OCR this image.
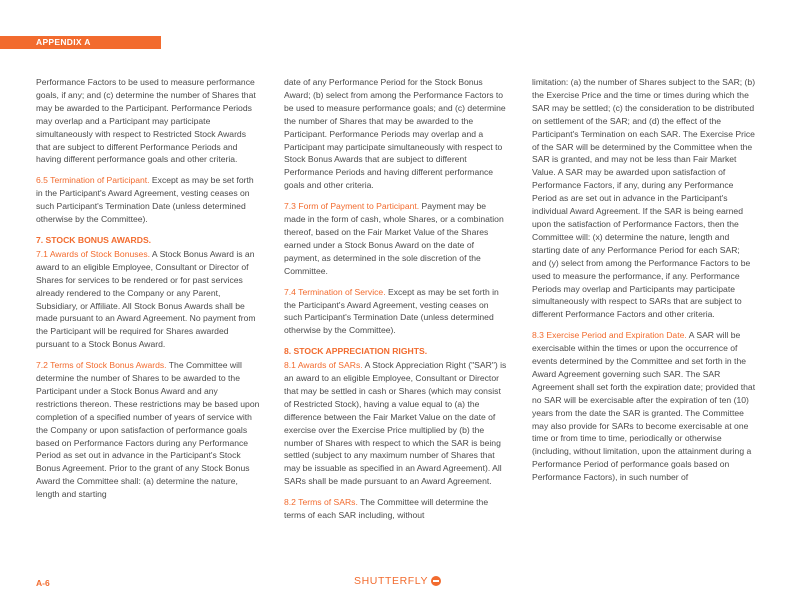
APPENDIX A

Performance Factors to be used to measure performance goals, if any; and (c) determine the number of Shares that may be awarded to the Participant. Performance Periods may overlap and a Participant may participate simultaneously with respect to Restricted Stock Awards that are subject to different Performance Periods and having different performance goals and other criteria.

6.5 Termination of Participant. Except as may be set forth in the Participant's Award Agreement, vesting ceases on such Participant's Termination Date (unless determined otherwise by the Committee).

7. STOCK BONUS AWARDS.

7.1 Awards of Stock Bonuses. A Stock Bonus Award is an award to an eligible Employee, Consultant or Director of Shares for services to be rendered or for past services already rendered to the Company or any Parent, Subsidiary, or Affiliate. All Stock Bonus Awards shall be made pursuant to an Award Agreement. No payment from the Participant will be required for Shares awarded pursuant to a Stock Bonus Award.

7.2 Terms of Stock Bonus Awards. The Committee will determine the number of Shares to be awarded to the Participant under a Stock Bonus Award and any restrictions thereon. These restrictions may be based upon completion of a specified number of years of service with the Company or upon satisfaction of performance goals based on Performance Factors during any Performance Period as set out in advance in the Participant's Stock Bonus Agreement. Prior to the grant of any Stock Bonus Award the Committee shall: (a) determine the nature, length and starting

date of any Performance Period for the Stock Bonus Award; (b) select from among the Performance Factors to be used to measure performance goals; and (c) determine the number of Shares that may be awarded to the Participant. Performance Periods may overlap and a Participant may participate simultaneously with respect to Stock Bonus Awards that are subject to different Performance Periods and having different performance goals and other criteria.

7.3 Form of Payment to Participant. Payment may be made in the form of cash, whole Shares, or a combination thereof, based on the Fair Market Value of the Shares earned under a Stock Bonus Award on the date of payment, as determined in the sole discretion of the Committee.

7.4 Termination of Service. Except as may be set forth in the Participant's Award Agreement, vesting ceases on such Participant's Termination Date (unless determined otherwise by the Committee).

8. STOCK APPRECIATION RIGHTS.

8.1 Awards of SARs. A Stock Appreciation Right ("SAR") is an award to an eligible Employee, Consultant or Director that may be settled in cash or Shares (which may consist of Restricted Stock), having a value equal to (a) the difference between the Fair Market Value on the date of exercise over the Exercise Price multiplied by (b) the number of Shares with respect to which the SAR is being settled (subject to any maximum number of Shares that may be issuable as specified in an Award Agreement). All SARs shall be made pursuant to an Award Agreement.

8.2 Terms of SARs. The Committee will determine the terms of each SAR including, without

limitation: (a) the number of Shares subject to the SAR; (b) the Exercise Price and the time or times during which the SAR may be settled; (c) the consideration to be distributed on settlement of the SAR; and (d) the effect of the Participant's Termination on each SAR. The Exercise Price of the SAR will be determined by the Committee when the SAR is granted, and may not be less than Fair Market Value. A SAR may be awarded upon satisfaction of Performance Factors, if any, during any Performance Period as are set out in advance in the Participant's individual Award Agreement. If the SAR is being earned upon the satisfaction of Performance Factors, then the Committee will: (x) determine the nature, length and starting date of any Performance Period for each SAR; and (y) select from among the Performance Factors to be used to measure the performance, if any. Performance Periods may overlap and Participants may participate simultaneously with respect to SARs that are subject to different Performance Factors and other criteria.

8.3 Exercise Period and Expiration Date. A SAR will be exercisable within the times or upon the occurrence of events determined by the Committee and set forth in the Award Agreement governing such SAR. The SAR Agreement shall set forth the expiration date; provided that no SAR will be exercisable after the expiration of ten (10) years from the date the SAR is granted. The Committee may also provide for SARs to become exercisable at one time or from time to time, periodically or otherwise (including, without limitation, upon the attainment during a Performance Period of performance goals based on Performance Factors), in such number of

A-6	SHUTTERFLY
